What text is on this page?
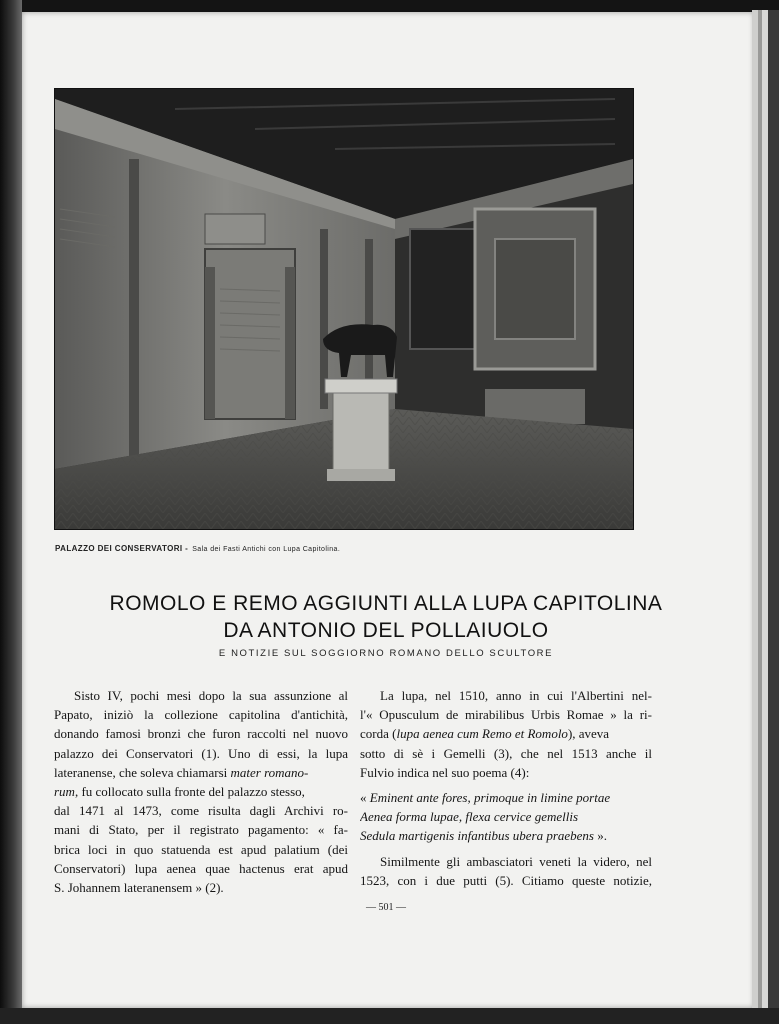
PALAZZO DEI CONSERVATORI - Sala dei Fasti Antichi con Lupa Capitolina.
ROMOLO E REMO AGGIUNTI ALLA LUPA CAPITOLINA
DA ANTONIO DEL POLLAIUOLO
E NOTIZIE SUL SOGGIORNO ROMANO DELLO SCULTORE
Sisto IV, pochi mesi dopo la sua assunzione al
Papato, iniziò la collezione capitolina d'antichità,
donando famosi bronzi che furon raccolti nel nuovo
palazzo dei Conservatori (1). Uno di essi, la lupa
lateranense, che soleva chiamarsi mater romano-
rum, fu collocato sulla fronte del palazzo stesso,
dal 1471 al 1473, come risulta dagli Archivi ro-
mani di Stato, per il registrato pagamento: « fa-
brica loci in quo statuenda est apud palatium (dei
Conservatori) lupa aenea quae hactenus erat apud
S. Johannem lateranensem » (2).
La lupa, nel 1510, anno in cui l'Albertini nel-
l'« Opusculum de mirabilibus Urbis Romae » la ri-
corda (lupa aenea cum Remo et Romolo), aveva
sotto di sè i Gemelli (3), che nel 1513 anche il
Fulvio indica nel suo poema (4):
« Eminent ante fores, primoque in limine portae
Aenea forma lupae, flexa cervice gemellis
Sedula martigenis infantibus ubera praebens ».
Similmente gli ambasciatori veneti la videro, nel
1523, con i due putti (5). Citiamo queste notizie,
— 501 —
